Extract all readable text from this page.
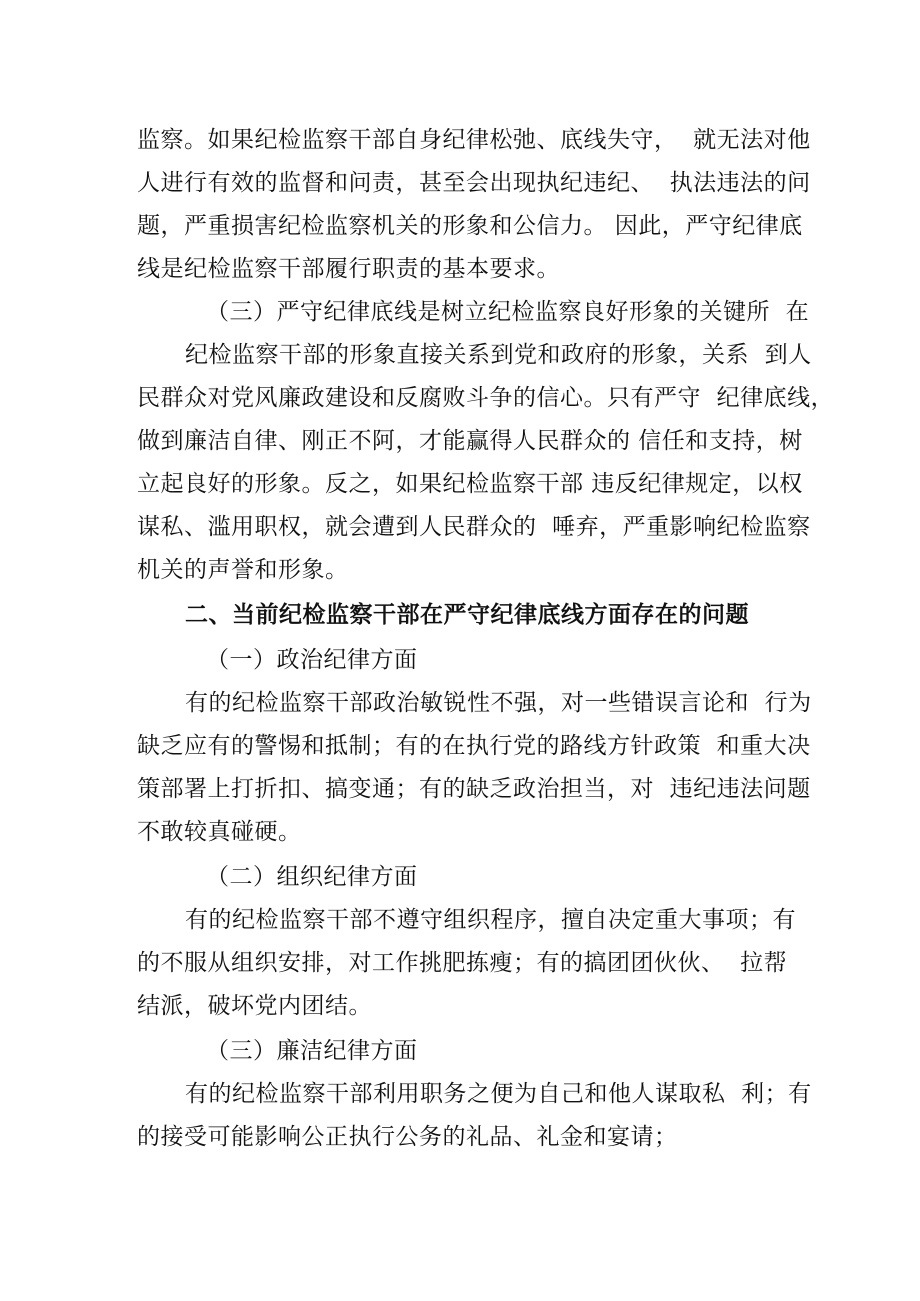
监察。如果纪检监察干部自身纪律松弛、底线失守，  就无法对他
人进行有效的监督和问责，甚至会出现执纪违纪、  执法违法的问
题，严重损害纪检监察机关的形象和公信力。 因此，严守纪律底
线是纪检监察干部履行职责的基本要求。
（三）严守纪律底线是树立纪检监察良好形象的关键所  在
纪检监察干部的形象直接关系到党和政府的形象，关系  到人
民群众对党风廉政建设和反腐败斗争的信心。只有严守  纪律底线，
做到廉洁自律、刚正不阿，才能赢得人民群众的 信任和支持，树
立起良好的形象。反之，如果纪检监察干部 违反纪律规定，以权
谋私、滥用职权，就会遭到人民群众的  唾弃，严重影响纪检监察
机关的声誉和形象。
二、当前纪检监察干部在严守纪律底线方面存在的问题
（一）政治纪律方面
有的纪检监察干部政治敏锐性不强，对一些错误言论和  行为
缺乏应有的警惕和抵制；有的在执行党的路线方针政策  和重大决
策部署上打折扣、搞变通；有的缺乏政治担当，对  违纪违法问题
不敢较真碰硬。
（二）组织纪律方面
有的纪检监察干部不遵守组织程序，擅自决定重大事项；有
的不服从组织安排，对工作挑肥拣瘦；有的搞团团伙伙、  拉帮
结派，破坏党内团结。
（三）廉洁纪律方面
有的纪检监察干部利用职务之便为自己和他人谋取私  利；有
的接受可能影响公正执行公务的礼品、礼金和宴请；
